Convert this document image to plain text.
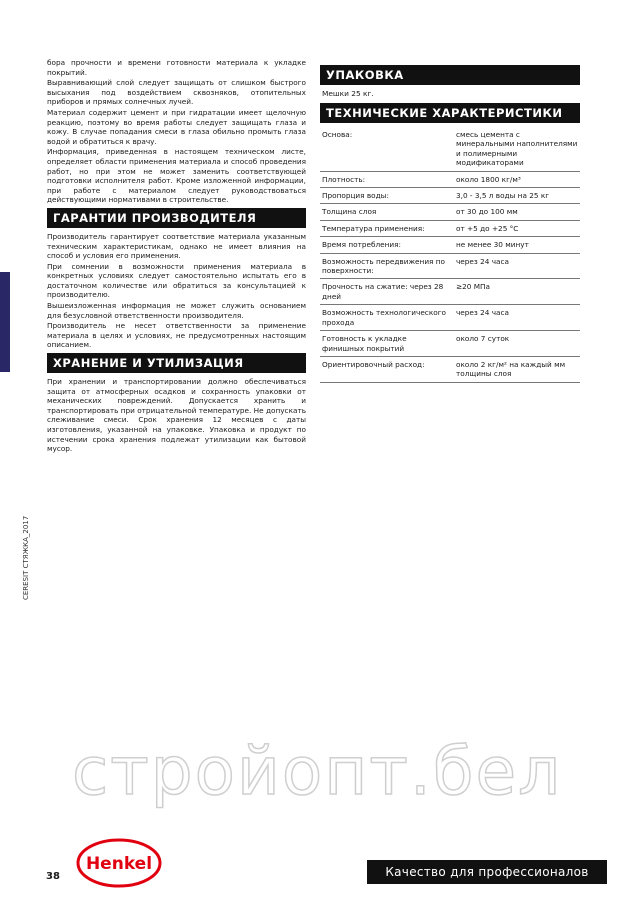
CERESIT СТЯЖКА_2017

бора прочности и времени готовности материала к укладке покрытий.

Выравнивающий слой следует защищать от слишком быстрого высыхания под воздействием сквозняков, отопительных приборов и прямых солнечных лучей.

Материал содержит цемент и при гидратации имеет щелочную реакцию, поэтому во время работы следует защищать глаза и кожу. В случае попадания смеси в глаза обильно промыть глаза водой и обратиться к врачу.

Информация, приведенная в настоящем техническом листе, определяет области применения материала и способ проведения работ, но при этом не может заменить соответствующей подготовки исполнителя работ. Кроме изложенной информации, при работе с материалом следует руководствоваться действующими нормативами в строительстве.

ГАРАНТИИ ПРОИЗВОДИТЕЛЯ

Производитель гарантирует соответствие материала указанным техническим характеристикам, однако не имеет влияния на способ и условия его применения.

При сомнении в возможности применения материала в конкретных условиях следует самостоятельно испытать его в достаточном количестве или обратиться за консультацией к производителю.

Вышеизложенная информация не может служить основанием для безусловной ответственности производителя.

Производитель не несет ответственности за применение материала в целях и условиях, не предусмотренных настоящим описанием.

ХРАНЕНИЕ И УТИЛИЗАЦИЯ

При хранении и транспортировании должно обеспечиваться защита от атмосферных осадков и сохранность упаковки от механических повреждений. Допускается хранить и транспортировать при отрицательной температуре. Не допускать слеживание смеси. Срок хранения 12 месяцев с даты изготовления, указанной на упаковке. Упаковка и продукт по истечении срока хранения подлежат утилизации как бытовой мусор.

УПАКОВКА
Мешки 25 кг.
ТЕХНИЧЕСКИЕ ХАРАКТЕРИСТИКИ
Основа:	смесь цемента с минеральными наполнителями и полимерными модификаторами
Плотность:	около 1800 кг/м³
Пропорция воды:	3,0 - 3,5 л воды на 25 кг
Толщина слоя	от 30 до 100 мм
Температура применения:	от +5 до +25 °С
Время потребления:	не менее 30 минут
Возможность передвижения по поверхности:	через 24 часа
Прочность на сжатие: через 28 дней	≥20 МПа
Возможность технологического прохода	через 24 часа
Готовность к укладке финишных покрытий	около 7 суток
Ориентировочный расход:	около 2 кг/м² на каждый мм толщины слоя
стройопт.бел
Henkel
38	Качество для профессионалов
